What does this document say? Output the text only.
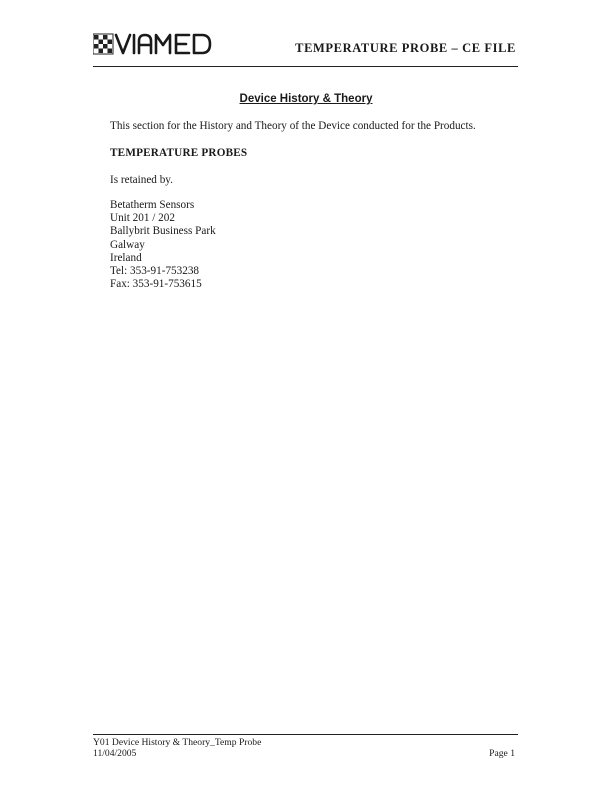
TEMPERATURE PROBE – CE FILE
Device History & Theory
This section for the History and Theory of the Device conducted for the Products.
TEMPERATURE PROBES
Is retained by.
Betatherm Sensors
Unit 201 / 202
Ballybrit Business Park
Galway
Ireland
Tel: 353-91-753238
Fax: 353-91-753615
Y01 Device History & Theory_Temp Probe
11/04/2005	Page 1
